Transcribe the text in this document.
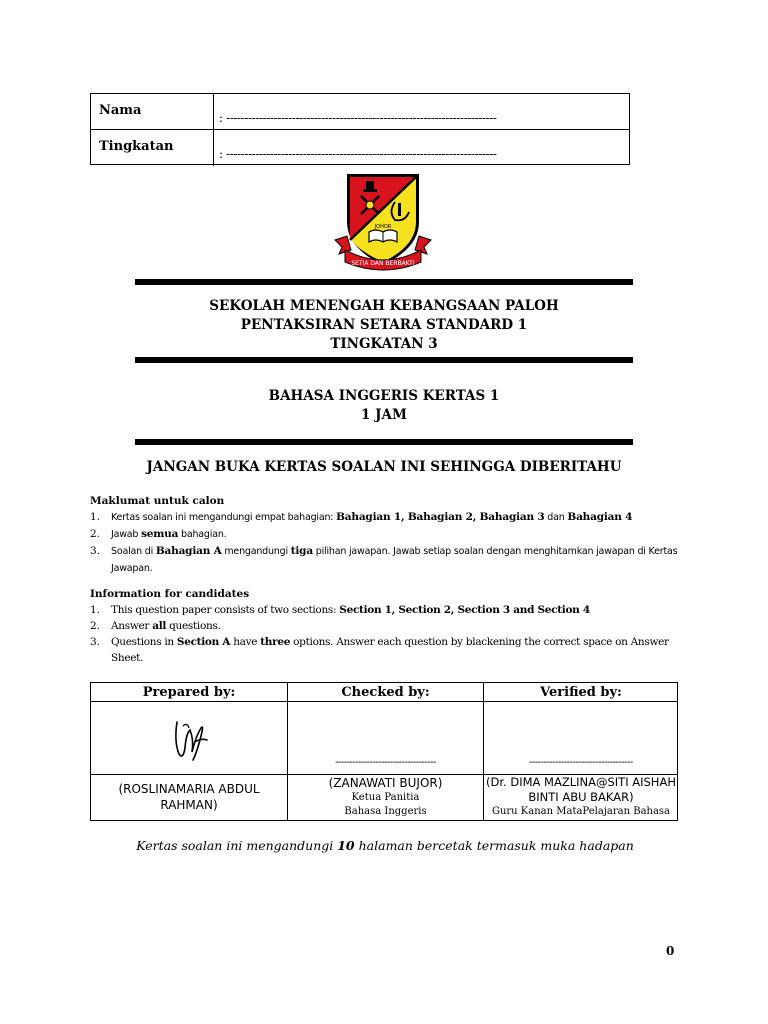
Nama	: --------------------------------------------------------------------------
Tingkatan	: --------------------------------------------------------------------------
JOHOR
SETIA DAN BERBAKTI
SEKOLAH MENENGAH KEBANGSAAN PALOH
PENTAKSIRAN SETARA STANDARD 1
TINGKATAN 3
BAHASA INGGERIS KERTAS 1
1 JAM
JANGAN BUKA KERTAS SOALAN INI SEHINGGA DIBERITAHU
Maklumat untuk calon
1. Kertas soalan ini mengandungi empat bahagian: Bahagian 1, Bahagian 2, Bahagian 3 dan Bahagian 4
2. Jawab semua bahagian.
3. Soalan di Bahagian A mengandungi tiga pilihan jawapan. Jawab setiap soalan dengan menghitamkan jawapan di Kertas Jawapan.
Information for candidates
1. This question paper consists of two sections: Section 1, Section 2, Section 3 and Section 4
2. Answer all questions.
3. Questions in Section A have three options. Answer each question by blackening the correct space on Answer Sheet.
Prepared by:
(ROSLINAMARIA ABDUL RAHMAN)
Checked by:
-----------------------------------
(ZANAWATI BUJOR)
Ketua Panitia
Bahasa Inggeris
Verified by:
------------------------------------
(Dr. DIMA MAZLINA@SITI AISHAH BINTI ABU BAKAR)
Guru Kanan MataPelajaran Bahasa
Kertas soalan ini mengandungi 10 halaman bercetak termasuk muka hadapan
0
